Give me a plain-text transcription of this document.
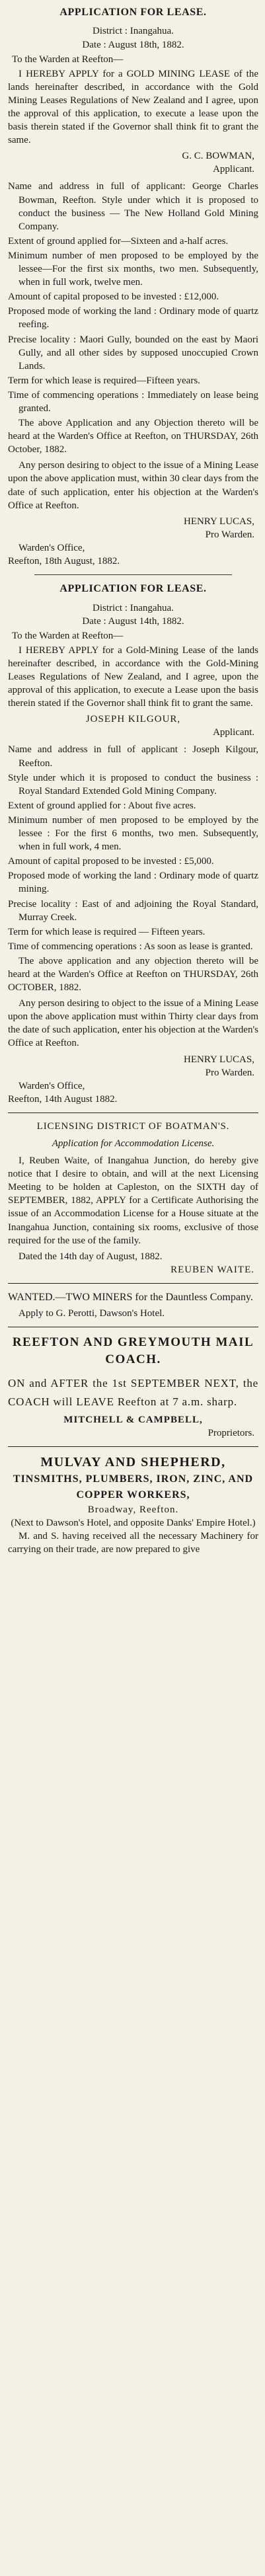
APPLICATION FOR LEASE.
District : Inangahua.
Date : August 18th, 1882.
To the Warden at Reefton—

I HEREBY APPLY for a GOLD MINING LEASE of the lands hereinafter described, in accordance with the Gold Mining Leases Regulations of New Zealand and I agree, upon the approval of this application, to execute a lease upon the basis therein stated if the Governor shall think fit to grant the same.

G. C. BOWMAN,
Applicant.

Name and address in full of applicant: George Charles Bowman, Reefton. Style under which it is proposed to conduct the business — The New Holland Gold Mining Company.

Extent of ground applied for—Sixteen and a-half acres.

Minimum number of men proposed to be employed by the lessee—For the first six months, two men. Subsequently, when in full work, twelve men.

Amount of capital proposed to be invested : £12,000.

Proposed mode of working the land : Ordinary mode of quartz reefing.

Precise locality : Maori Gully, bounded on the east by Maori Gully, and all other sides by supposed unoccupied Crown Lands.

Term for which lease is required—Fifteen years.

Time of commencing operations : Immediately on lease being granted.

The above Application and any Objection thereto will be heard at the Warden's Office at Reefton, on THURSDAY, 26th October, 1882.

Any person desiring to object to the issue of a Mining Lease upon the above application must, within 30 clear days from the date of such application, enter his objection at the Warden's Office at Reefton.

HENRY LUCAS,
Pro Warden.
Warden's Office,
Reefton, 18th August, 1882.
APPLICATION FOR LEASE.
District : Inangahua.
Date : August 14th, 1882.
To the Warden at Reefton—

I HEREBY APPLY for a Gold-Mining Lease of the lands hereinafter described, in accordance with the Gold-Mining Leases Regulations of New Zealand, and I agree, upon the approval of this application, to execute a Lease upon the basis therein stated if the Governor shall think fit to grant the same.

JOSEPH KILGOUR,
Applicant.

Name and address in full of applicant : Joseph Kilgour, Reefton.

Style under which it is proposed to conduct the business : Royal Standard Extended Gold Mining Company.

Extent of ground applied for : About five acres.

Minimum number of men proposed to be employed by the lessee : For the first 6 months, two men. Subsequently, when in full work, 4 men.

Amount of capital proposed to be invested : £5,000.

Proposed mode of working the land : Ordinary mode of quartz mining.

Precise locality : East of and adjoining the Royal Standard, Murray Creek.

Term for which lease is required — Fifteen years.

Time of commencing operations : As soon as lease is granted.

The above application and any objection thereto will be heard at the Warden's Office at Reefton on THURSDAY, 26th OCTOBER, 1882.

Any person desiring to object to the issue of a Mining Lease upon the above application must within Thirty clear days from the date of such application, enter his objection at the Warden's Office at Reefton.

HENRY LUCAS,
Pro Warden.
Warden's Office,
Reefton, 14th August 1882.
LICENSING DISTRICT OF BOATMAN'S.
Application for Accommodation License.

I, Reuben Waite, of Inangahua Junction, do hereby give notice that I desire to obtain, and will at the next Licensing Meeting to be holden at Capleston, on the SIXTH day of SEPTEMBER, 1882, APPLY for a Certificate Authorising the issue of an Accommodation License for a House situate at the Inangahua Junction, containing six rooms, exclusive of those required for the use of the family.

Dated the 14th day of August, 1882.
REUBEN WAITE.

WANTED.—TWO MINERS for the Dauntless Company.

Apply to G. Perotti, Dawson's Hotel.

REEFTON AND GREYMOUTH MAIL COACH.

ON and AFTER the 1st SEPTEMBER NEXT, the COACH will LEAVE Reefton at 7 a.m. sharp.

MITCHELL & CAMPBELL,
Proprietors.
MULVAY AND SHEPHERD,
TINSMITHS, PLUMBERS, IRON, ZINC, AND COPPER WORKERS,
Broadway, Reefton.
(Next to Dawson's Hotel, and opposite Danks' Empire Hotel.)

M. and S. having received all the necessary Machinery for carrying on their trade, are now prepared to give
